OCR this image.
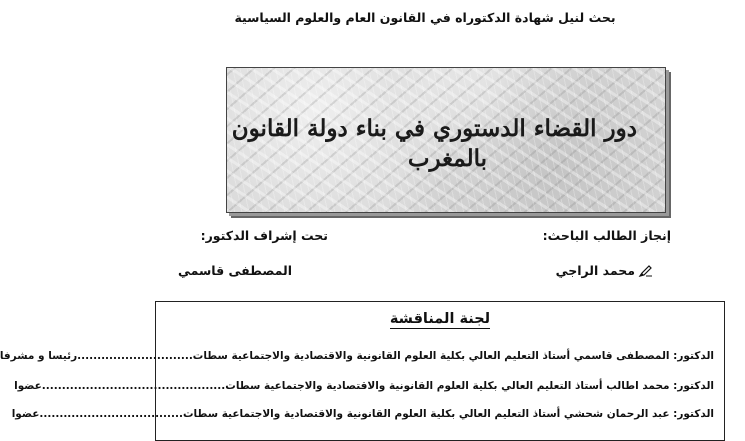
بحث لنيل شهادة الدكتوراه في القانون العام والعلوم السياسية
دور القضاء الدستوري في بناء دولة القانون
بالمغرب
إنجاز الطالب الباحث:
تحت إشراف الدكتور:
محمد الراجي
المصطفى قاسمي
لجنة المناقشة
الدكتور: المصطفى قاسمي أستاذ التعليم العالي بكلية العلوم القانونية والاقتصادية والاجتماعية سطات.............................رئيسا و مشرفا
الدكتور: محمد اطالب أستاذ التعليم العالي بكلية العلوم القانونية والاقتصادية والاجتماعية سطات..............................................عضوا
الدكتور: عبد الرحمان شحشي أستاذ التعليم العالي بكلية العلوم القانونية والاقتصادية والاجتماعية سطات....................................عضوا
